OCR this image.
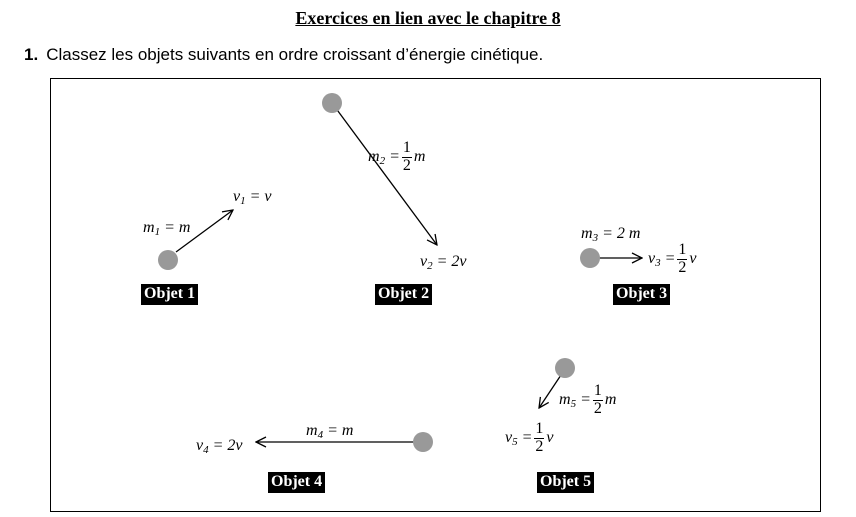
Exercices en lien avec le chapitre 8
1. Classez les objets suivants en ordre croissant d’énergie cinétique.
$m_1 = m$
$v_1 = v$
Objet 1
$m_2 = \frac{1}{2}$ m
$v_2 = 2v$
Objet 2
$m_3 = 2$ m
$v_3 = \frac{1}{2}$ v
Objet 3
$m_4 = m$
$v_4 = 2v$
Objet 4
$m_5 = \frac{1}{2}$ m
$v_5 = \frac{1}{2}$ v
Objet 5
